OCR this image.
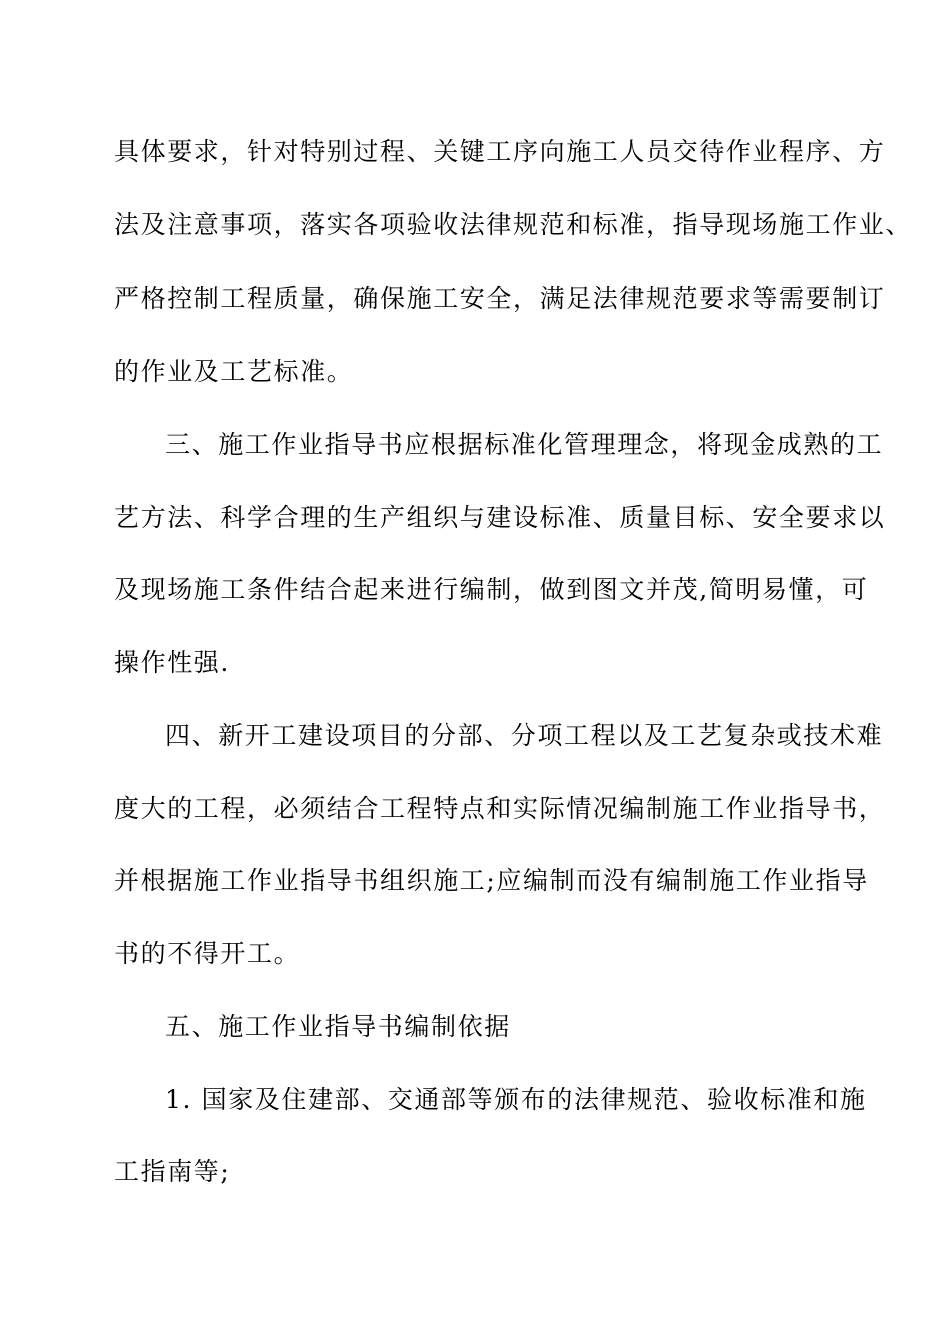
具体要求，针对特别过程、关键工序向施工人员交待作业程序、方
法及注意事项，落实各项验收法律规范和标准，指导现场施工作业、
严格控制工程质量，确保施工安全，满足法律规范要求等需要制订
的作业及工艺标准。
三、施工作业指导书应根据标准化管理理念，将现金成熟的工
艺方法、科学合理的生产组织与建设标准、质量目标、安全要求以
及现场施工条件结合起来进行编制，做到图文并茂,简明易懂，可
操作性强.
四、新开工建设项目的分部、分项工程以及工艺复杂或技术难
度大的工程，必须结合工程特点和实际情况编制施工作业指导书，
并根据施工作业指导书组织施工;应编制而没有编制施工作业指导
书的不得开工。
五、施工作业指导书编制依据
1. 国家及住建部、交通部等颁布的法律规范、验收标准和施
工指南等;
